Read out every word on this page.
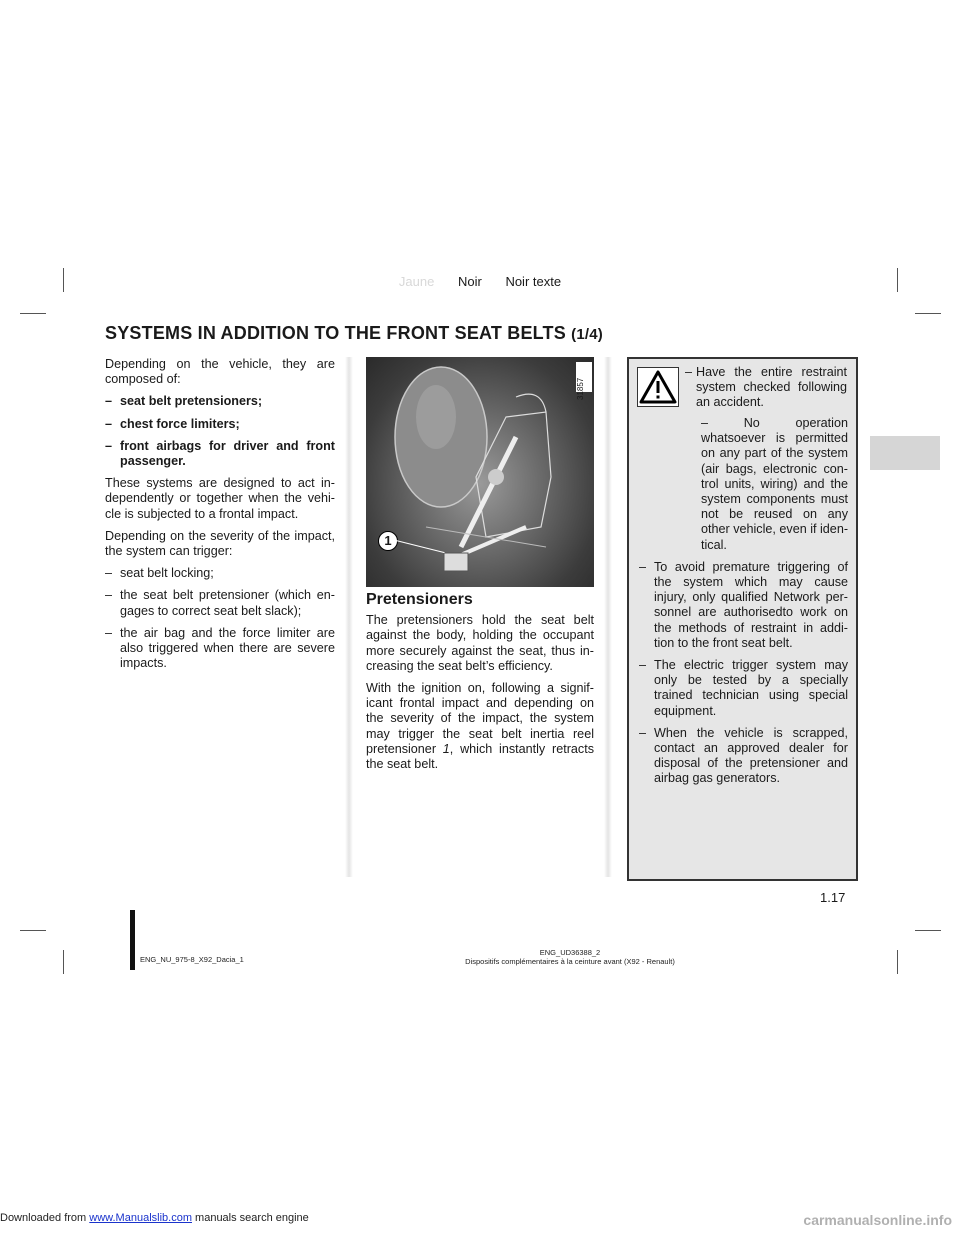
Jaune Noir Noir texte
SYSTEMS IN ADDITION TO THE FRONT SEAT BELTS (1/4)

Depending on the vehicle, they are composed of:

– seat belt pretensioners;
– chest force limiters;
– front airbags for driver and front passenger.

These systems are designed to act in-dependently or together when the vehi-cle is subjected to a frontal impact.

Depending on the severity of the impact, the system can trigger:

– seat belt locking;
– the seat belt pretensioner (which en-gages to correct seat belt slack);
– the air bag and the force limiter are also triggered when there are severe impacts.
1
31857
Pretensioners

The pretensioners hold the seat belt against the body, holding the occupant more securely against the seat, thus in-creasing the seat belt’s efficiency.

With the ignition on, following a signif-icant frontal impact and depending on the severity of the impact, the system may trigger the seat belt inertia reel pretensioner 1, which instantly retracts the seat belt.

– Have the entire restraint system checked following an accident.
– No operation whatsoever is permitted on any part of the system (air bags, electronic con-trol units, wiring) and the system components must not be reused on any other vehicle, even if iden-tical.
– To avoid premature triggering of the system which may cause injury, only qualified Network per-sonnel are authorisedto work on the methods of restraint in addi-tion to the front seat belt.
– The electric trigger system may only be tested by a specially trained technician using special equipment.
– When the vehicle is scrapped, contact an approved dealer for disposal of the pretensioner and airbag gas generators.
1.17
ENG_NU_975-8_X92_Dacia_1
ENG_UD36388_2
Dispositifs complémentaires à la ceinture avant (X92 - Renault)
Downloaded from www.Manualslib.com manuals search engine	carmanualsonline.info
